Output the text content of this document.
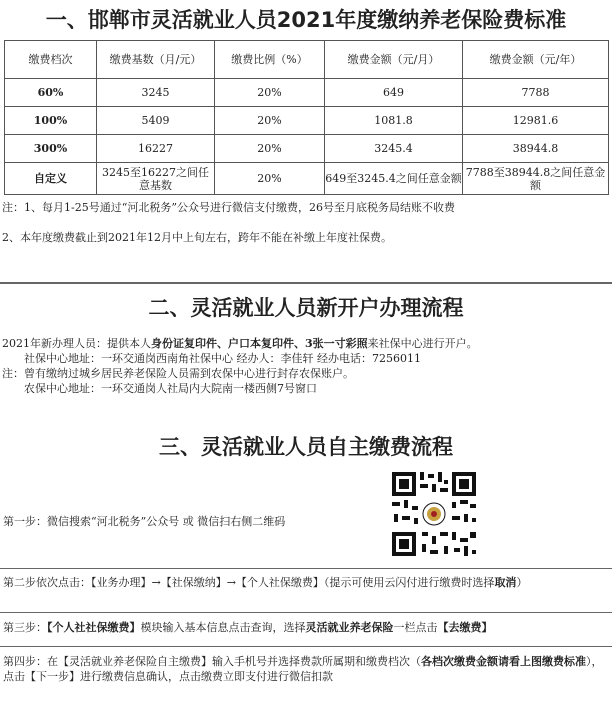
一、邯郸市灵活就业人员2021年度缴纳养老保险费标准
缴费档次	缴费基数（月/元）	缴费比例（%）	缴费金额（元/月）	缴费金额（元/年）
60%	3245	20%	649	7788
100%	5409	20%	1081.8	12981.6
300%	16227	20%	3245.4	38944.8
自定义	3245至16227之间任意基数	20%	649至3245.4之间任意金额	7788至38944.8之间任意金额
注：1、每月1-25号通过“河北税务”公众号进行微信支付缴费，26号至月底税务局结账不收费
2、本年度缴费截止到2021年12月中上旬左右，跨年不能在补缴上年度社保费。
二、灵活就业人员新开户办理流程
2021年新办理人员：提供本人身份证复印件、户口本复印件、3张一寸彩照来社保中心进行开户。
社保中心地址：一环交通岗西南角社保中心 经办人：李佳轩 经办电话：7256011
注：曾有缴纳过城乡居民养老保险人员需到农保中心进行封存农保账户。
农保中心地址：一环交通岗人社局内大院南一楼西侧7号窗口
三、灵活就业人员自主缴费流程
第一步：微信搜索“河北税务”公众号 或 微信扫右侧二维码
第二步依次点击：【业务办理】→【社保缴纳】→【个人社保缴费】（提示可使用云闪付进行缴费时选择取消）
第三步：【个人社社保缴费】模块输入基本信息点击查询，选择灵活就业养老保险一栏点击【去缴费】
第四步：在【灵活就业养老保险自主缴费】输入手机号并选择费款所属期和缴费档次（各档次缴费金额请看上图缴费标准），点击【下一步】进行缴费信息确认，点击缴费立即支付进行微信扣款
